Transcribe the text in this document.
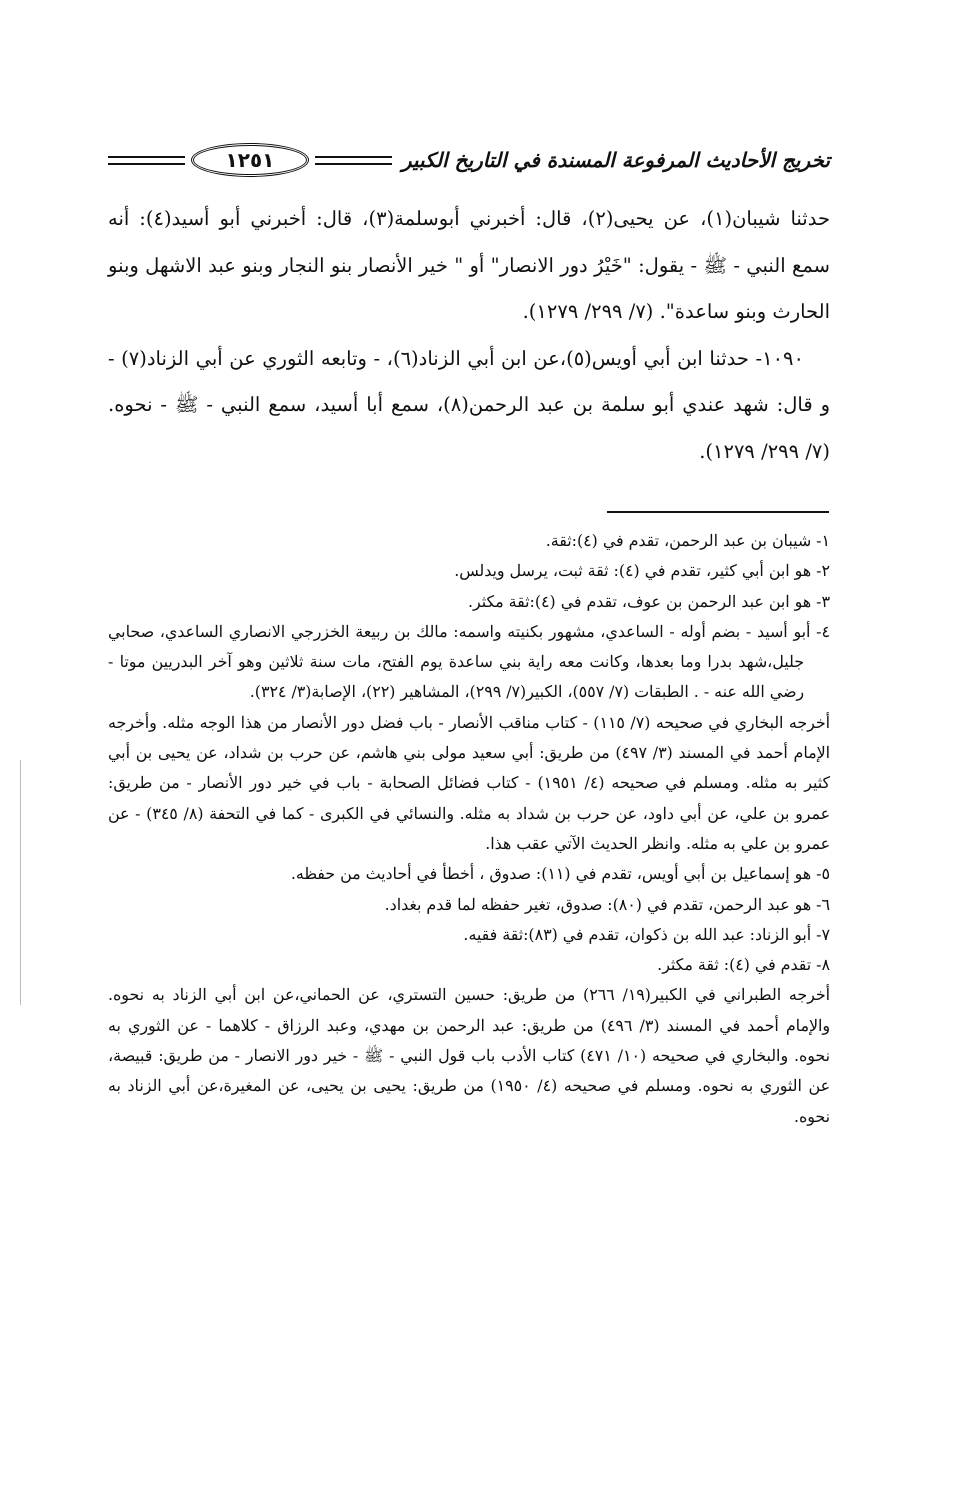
تخريج الأحاديث المرفوعة المسندة في التاريخ الكبير
١٢٥١

حدثنا شيبان(١)، عن يحيى(٢)، قال: أخبرني أبوسلمة(٣)، قال: أخبرني أبو أسيد(٤): أنه سمع النبي - ﷺ - يقول: "خَيْرُ دور الانصار" أو " خير الأنصار بنو النجار وبنو عبد الاشهل وبنو الحارث وبنو ساعدة". (٧/ ٢٩٩/ ١٢٧٩).

١٠٩٠- حدثنا ابن أبي أويس(٥)،عن ابن أبي الزناد(٦)، - وتابعه الثوري عن أبي الزناد(٧) - و قال: شهد عندي أبو سلمة بن عبد الرحمن(٨)، سمع أبا أسيد، سمع النبي - ﷺ - نحوه. (٧/ ٢٩٩/ ١٢٧٩).

١- شيبان بن عبد الرحمن، تقدم في (٤):ثقة.

٢- هو ابن أبي كثير، تقدم في (٤): ثقة ثبت، يرسل ويدلس.

٣- هو ابن عبد الرحمن بن عوف، تقدم في (٤):ثقة مكثر.

٤- أبو أسيد - بضم أوله - الساعدي، مشهور بكنيته واسمه: مالك بن ربيعة الخزرجي الانصاري الساعدي، صحابي جليل،شهد بدرا وما بعدها، وكانت معه راية بني ساعدة يوم الفتح، مات سنة ثلاثين وهو آخر البدريين موتا - رضي الله عنه - . الطبقات (٧/ ٥٥٧)، الكبير(٧/ ٢٩٩)، المشاهير (٢٢)، الإصابة(٣/ ٣٢٤).

أخرجه البخاري في صحيحه (٧/ ١١٥) - كتاب مناقب الأنصار - باب فضل دور الأنصار من هذا الوجه مثله. وأخرجه الإمام أحمد في المسند (٣/ ٤٩٧) من طريق: أبي سعيد مولى بني هاشم، عن حرب بن شداد، عن يحيى بن أبي كثير به مثله. ومسلم في صحيحه (٤/ ١٩٥١) - كتاب فضائل الصحابة - باب في خير دور الأنصار - من طريق: عمرو بن علي، عن أبي داود، عن حرب بن شداد به مثله. والنسائي في الكبرى - كما في التحفة (٨/ ٣٤٥) - عن عمرو بن علي به مثله. وانظر الحديث الآتي عقب هذا.

٥- هو إسماعيل بن أبي أويس، تقدم في (١١): صدوق ، أخطأ في أحاديث من حفظه.

٦- هو عبد الرحمن، تقدم في (٨٠): صدوق، تغير حفظه لما قدم بغداد.

٧- أبو الزناد: عبد الله بن ذكوان، تقدم في (٨٣):ثقة فقيه.

٨- تقدم في (٤): ثقة مكثر.

أخرجه الطبراني في الكبير(١٩/ ٢٦٦) من طريق: حسين التستري، عن الحماني،عن ابن أبي الزناد به نحوه. والإمام أحمد في المسند (٣/ ٤٩٦) من طريق: عبد الرحمن بن مهدي، وعبد الرزاق - كلاهما - عن الثوري به نحوه. والبخاري في صحيحه (١٠/ ٤٧١) كتاب الأدب باب قول النبي - ﷺ - خير دور الانصار - من طريق: قبيصة، عن الثوري به نحوه. ومسلم في صحيحه (٤/ ١٩٥٠) من طريق: يحيى بن يحيى، عن المغيرة،عن أبي الزناد به نحوه.
